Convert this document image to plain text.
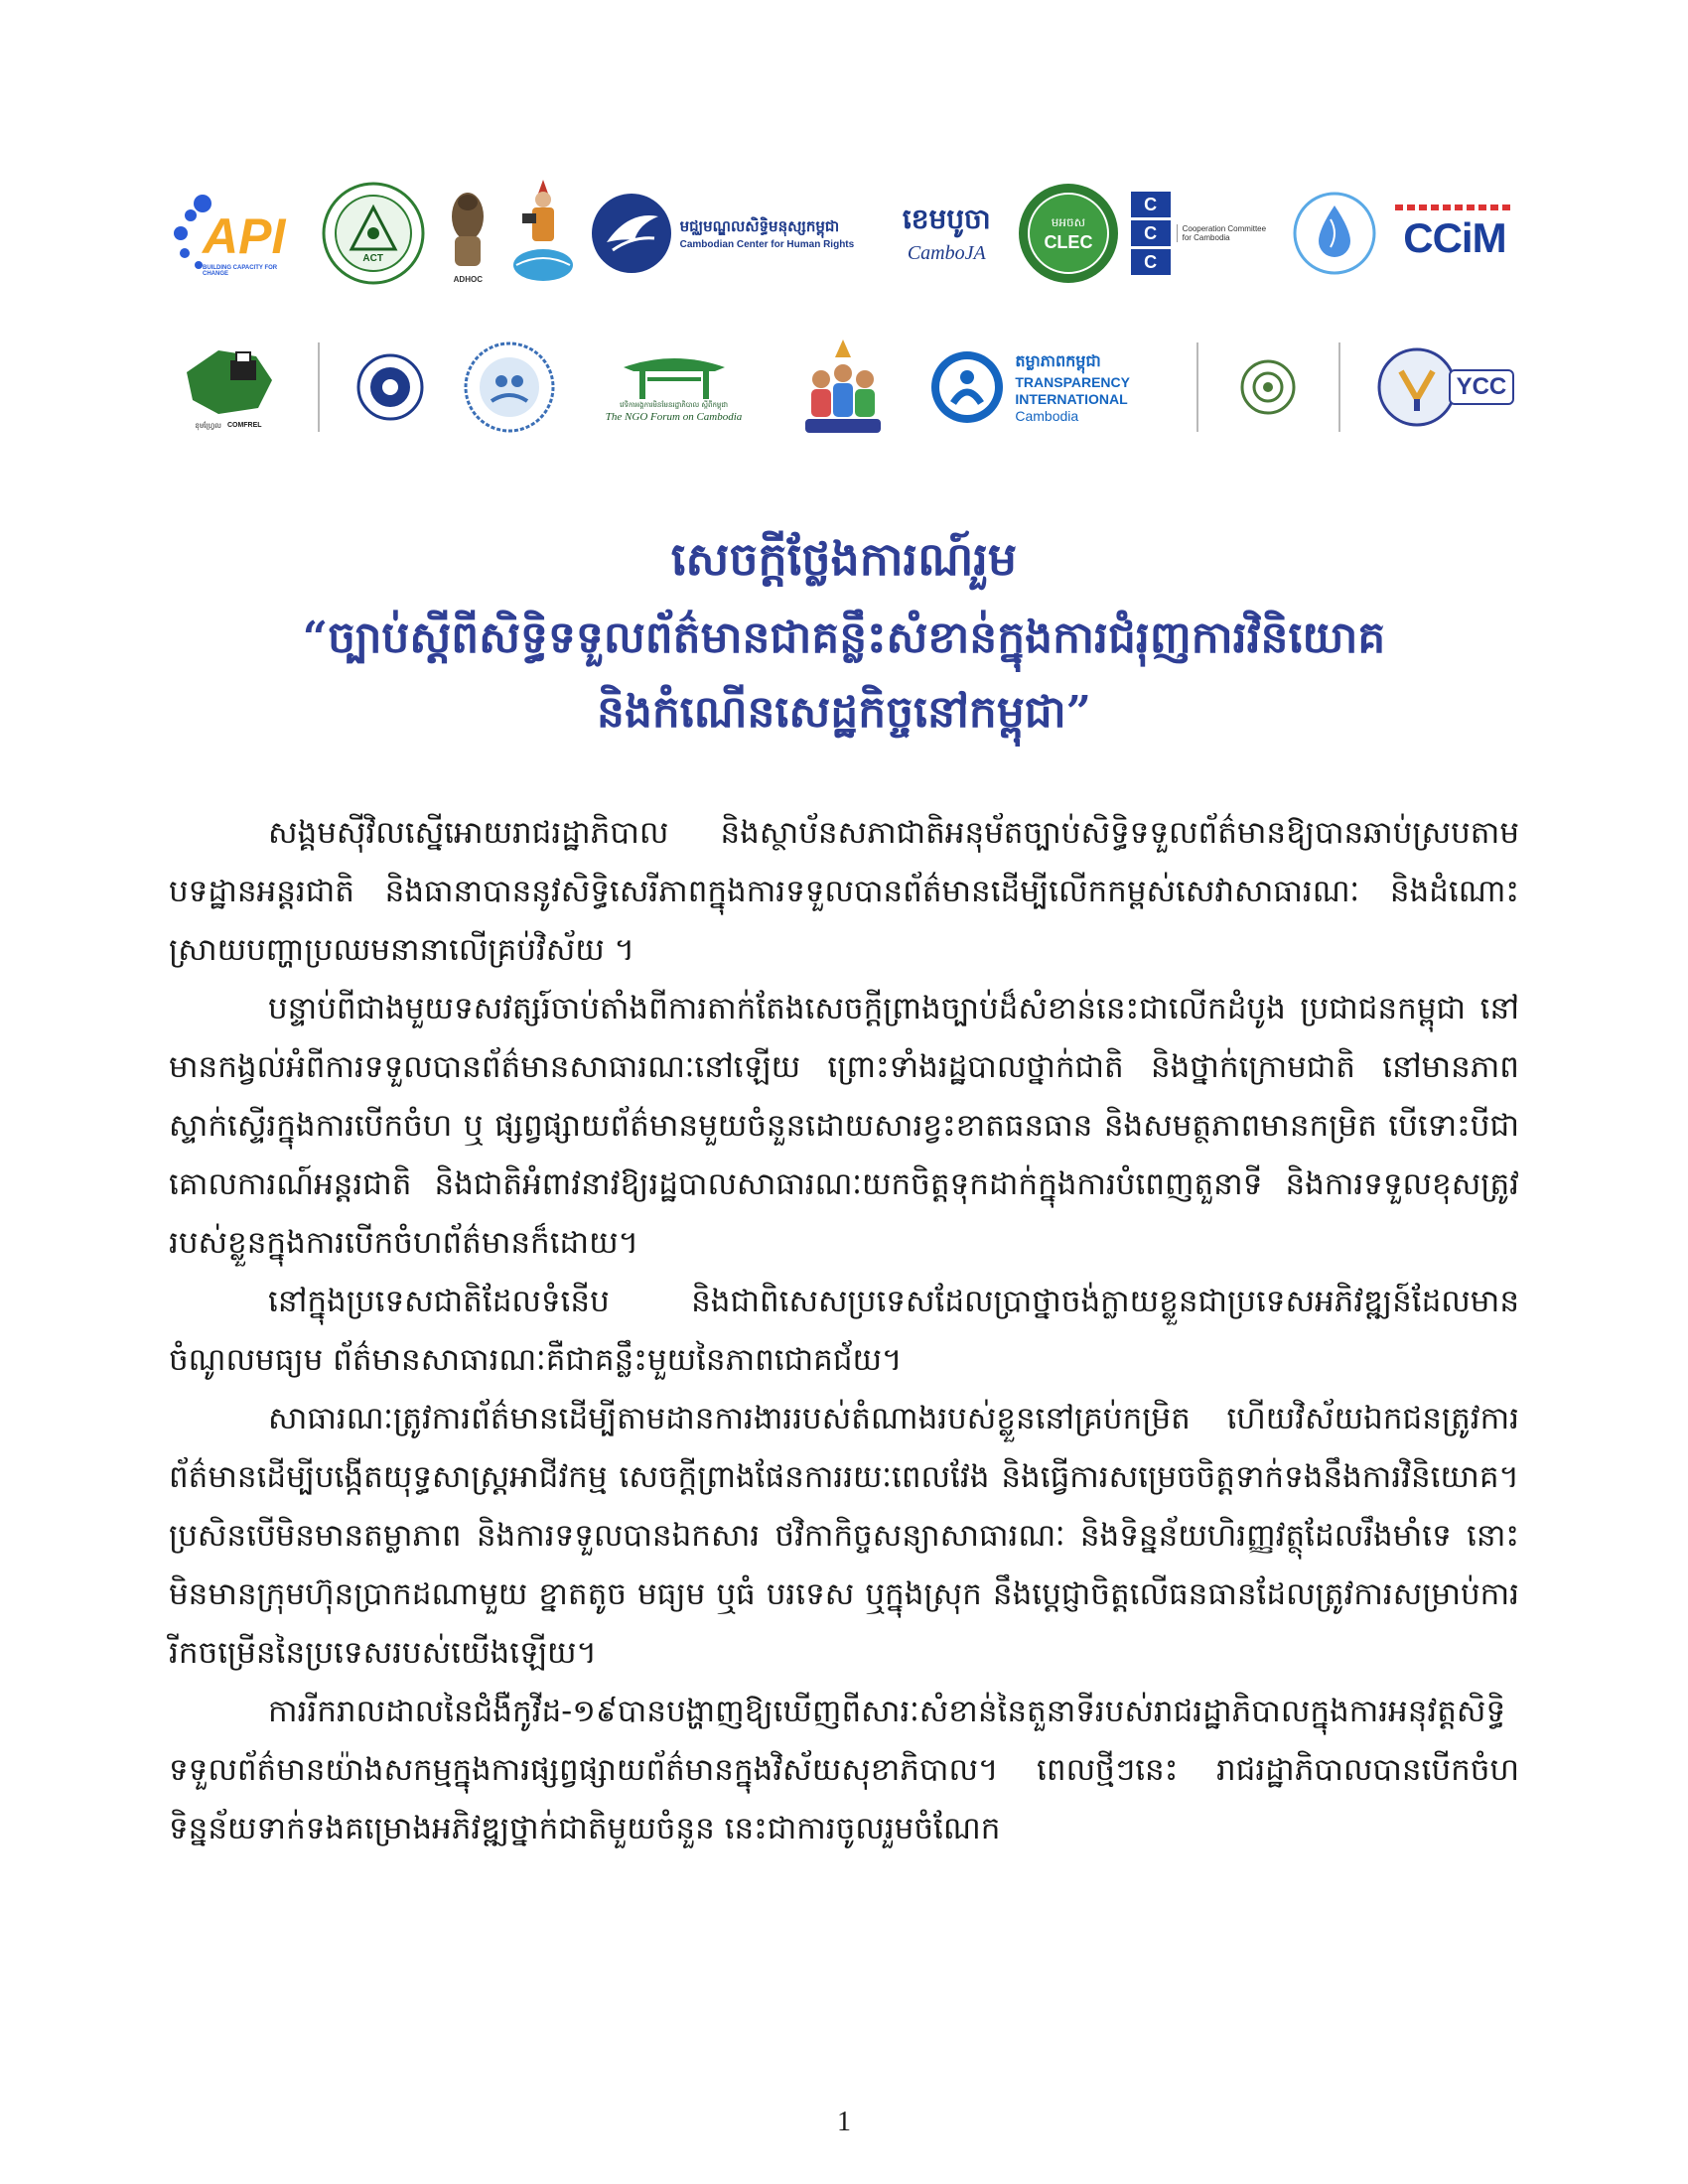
API
BUILDING CAPACITY FOR CHANGE
ACT
ADHOC
មជ្ឈមណ្ឌលសិទ្ធិមនុស្សកម្ពុជា
Cambodian Center for Human Rights
ខេមបូចា
CamboJA
មអចស
CLEC
C
C
C
Cooperation Committee for Cambodia	CCiM
ខុមហ្វ្រែល COMFREL
វេទិកាអង្គការមិនមែនរដ្ឋាភិបាល ស្តីពីកម្ពុជា
The NGO Forum on Cambodia
តម្លាភាពកម្ពុជា
TRANSPARENCY INTERNATIONAL
Cambodia
YCC
សេចក្តីថ្លែងការណ៍រួម
“ច្បាប់ស្តីពីសិទ្ធិទទួលព័ត៌មានជាគន្លឹះសំខាន់ក្នុងការជំរុញការវិនិយោគ
និងកំណើនសេដ្ឋកិច្ចនៅកម្ពុជា”

សង្គមស៊ីវិលស្នើអោយរាជរដ្ឋាភិបាល និងស្ថាប័នសភាជាតិអនុម័តច្បាប់សិទ្ធិទទួលព័ត៌មានឱ្យបានឆាប់ស្របតាមបទដ្ឋានអន្តរជាតិ និងធានាបាននូវសិទ្ធិសេរីភាពក្នុងការទទួលបានព័ត៌មានដើម្បីលើកកម្ពស់សេវាសាធារណៈ និងដំណោះស្រាយបញ្ហាប្រឈមនានាលើគ្រប់វិស័យ ។

បន្ទាប់ពីជាងមួយទសវត្សរ៍ចាប់តាំងពីការតាក់តែងសេចក្តីព្រាងច្បាប់ដ៏សំខាន់នេះជាលើកដំបូង ប្រជាជនកម្ពុជា នៅមានកង្វល់អំពីការទទួលបានព័ត៌មានសាធារណៈនៅឡើយ ព្រោះទាំងរដ្ឋបាលថ្នាក់ជាតិ និងថ្នាក់ក្រោមជាតិ នៅមានភាពស្ទាក់ស្ទើរក្នុងការបើកចំហ ឬ ផ្សព្វផ្សាយព័ត៌មានមួយចំនួនដោយសារខ្វះខាតធនធាន និងសមត្ថភាពមានកម្រិត បើទោះបីជាគោលការណ៍អន្តរជាតិ និងជាតិអំពាវនាវឱ្យរដ្ឋបាលសាធារណៈយកចិត្តទុកដាក់ក្នុងការបំពេញតួនាទី និងការទទួលខុសត្រូវរបស់ខ្លួនក្នុងការបើកចំហព័ត៌មានក៏ដោយ។

នៅក្នុងប្រទេសជាតិដែលទំនើប និងជាពិសេសប្រទេសដែលប្រាថ្នាចង់ក្លាយខ្លួនជាប្រទេសអភិវឌ្ឍន៍ដែលមានចំណូលមធ្យម ព័ត៌មានសាធារណៈគឺជាគន្លឹះមួយនៃភាពជោគជ័យ។

សាធារណៈត្រូវការព័ត៌មានដើម្បីតាមដានការងាររបស់តំណាងរបស់ខ្លួននៅគ្រប់កម្រិត ហើយវិស័យឯកជនត្រូវការព័ត៌មានដើម្បីបង្កើតយុទ្ធសាស្ត្រអាជីវកម្ម សេចក្តីព្រាងផែនការរយៈពេលវែង និងធ្វើការសម្រេចចិត្តទាក់ទងនឹងការវិនិយោគ។ ប្រសិនបើមិនមានតម្លាភាព និងការទទួលបានឯកសារ ថវិកាកិច្ចសន្យាសាធារណៈ និងទិន្នន័យហិរញ្ញវត្ថុដែលរឹងមាំទេ នោះមិនមានក្រុមហ៊ុនប្រាកដណាមួយ ខ្នាតតូច មធ្យម ឬធំ បរទេស ឬក្នុងស្រុក នឹងប្តេជ្ញាចិត្តលើធនធានដែលត្រូវការសម្រាប់ការរីកចម្រើននៃប្រទេសរបស់យើងឡើយ។

ការរីករាលដាលនៃជំងឺកូវីដ-១៩បានបង្ហាញឱ្យឃើញពីសារៈសំខាន់នៃតួនាទីរបស់រាជរដ្ឋាភិបាលក្នុងការអនុវត្តសិទ្ធិទទួលព័ត៌មានយ៉ាងសកម្មក្នុងការផ្សព្វផ្សាយព័ត៌មានក្នុងវិស័យសុខាភិបាល។ ពេលថ្មីៗនេះ រាជរដ្ឋាភិបាលបានបើកចំហទិន្នន័យទាក់ទងគម្រោងអភិវឌ្ឍថ្នាក់ជាតិមួយចំនួន នេះជាការចូលរួមចំណែក

1
